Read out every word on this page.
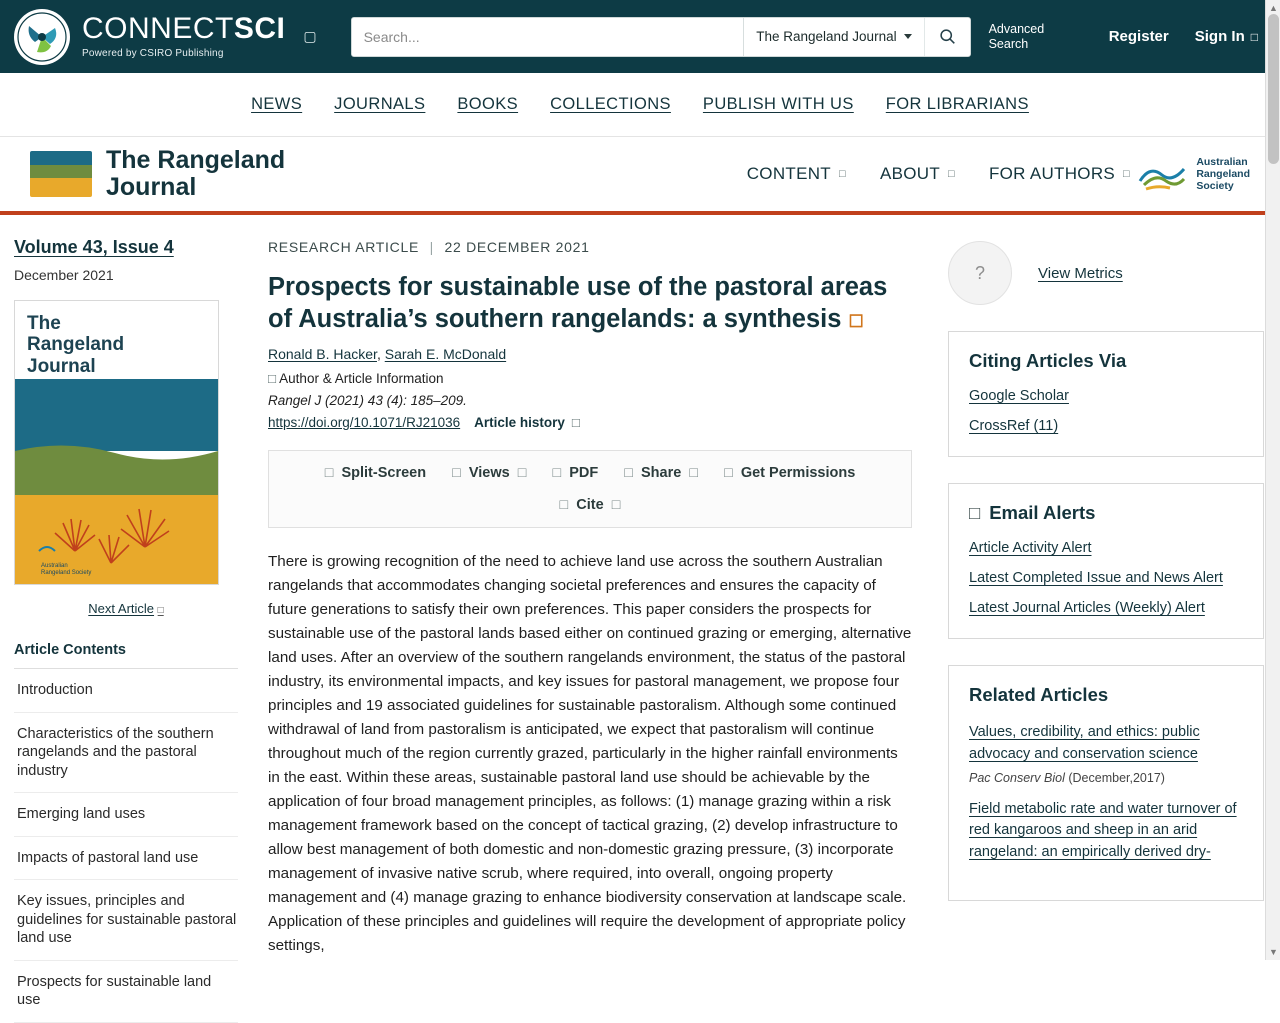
CONNECTSCI
Powered by CSIRO Publishing
▢
Search...	The Rangeland Journal
Advanced Search	Register Sign In □
NEWS JOURNALS BOOKS COLLECTIONS PUBLISH WITH US FOR LIBRARIANS
The Rangeland
Journal	CONTENT □ ABOUT □ FOR AUTHORS □
Australian
Rangeland
Society
Volume 43, Issue 4
December 2021
Australian
Rangeland Society
The
Rangeland
Journal
Next Article □
Article Contents
Introduction
Characteristics of the southern rangelands and the pastoral industry
Emerging land uses
Impacts of pastoral land use
Key issues, principles and guidelines for sustainable pastoral land use
Prospects for sustainable land use
RESEARCH ARTICLE | 22 DECEMBER 2021
Prospects for sustainable use of the pastoral areas of Australia’s southern rangelands: a synthesis ☐
Ronald B. Hacker, Sarah E. McDonald
□ Author & Article Information
Rangel J (2021) 43 (4): 185–209.
https://doi.org/10.1071/RJ21036 Article history □
□ Split-Screen □ Views □ □ PDF □ Share □ □ Get Permissions
□ Cite □
There is growing recognition of the need to achieve land use across the southern Australian rangelands that accommodates changing societal preferences and ensures the capacity of future generations to satisfy their own preferences. This paper considers the prospects for sustainable use of the pastoral lands based either on continued grazing or emerging, alternative land uses. After an overview of the southern rangelands environment, the status of the pastoral industry, its environmental impacts, and key issues for pastoral management, we propose four principles and 19 associated guidelines for sustainable pastoralism. Although some continued withdrawal of land from pastoralism is anticipated, we expect that pastoralism will continue throughout much of the region currently grazed, particularly in the higher rainfall environments in the east. Within these areas, sustainable pastoral land use should be achievable by the application of four broad management principles, as follows: (1) manage grazing within a risk management framework based on the concept of tactical grazing, (2) develop infrastructure to allow best management of both domestic and non-domestic grazing pressure, (3) incorporate management of invasive native scrub, where required, into overall, ongoing property management and (4) manage grazing to enhance biodiversity conservation at landscape scale. Application of these principles and guidelines will require the development of appropriate policy settings,
?	View Metrics
Citing Articles Via
Google Scholar
CrossRef (11)
□ Email Alerts
Article Activity Alert
Latest Completed Issue and News Alert
Latest Journal Articles (Weekly) Alert
Related Articles
Values, credibility, and ethics: public advocacy and conservation science
Pac Conserv Biol (December,2017)
Field metabolic rate and water turnover of red kangaroos and sheep in an arid rangeland: an empirically derived dry-
▲
▼
